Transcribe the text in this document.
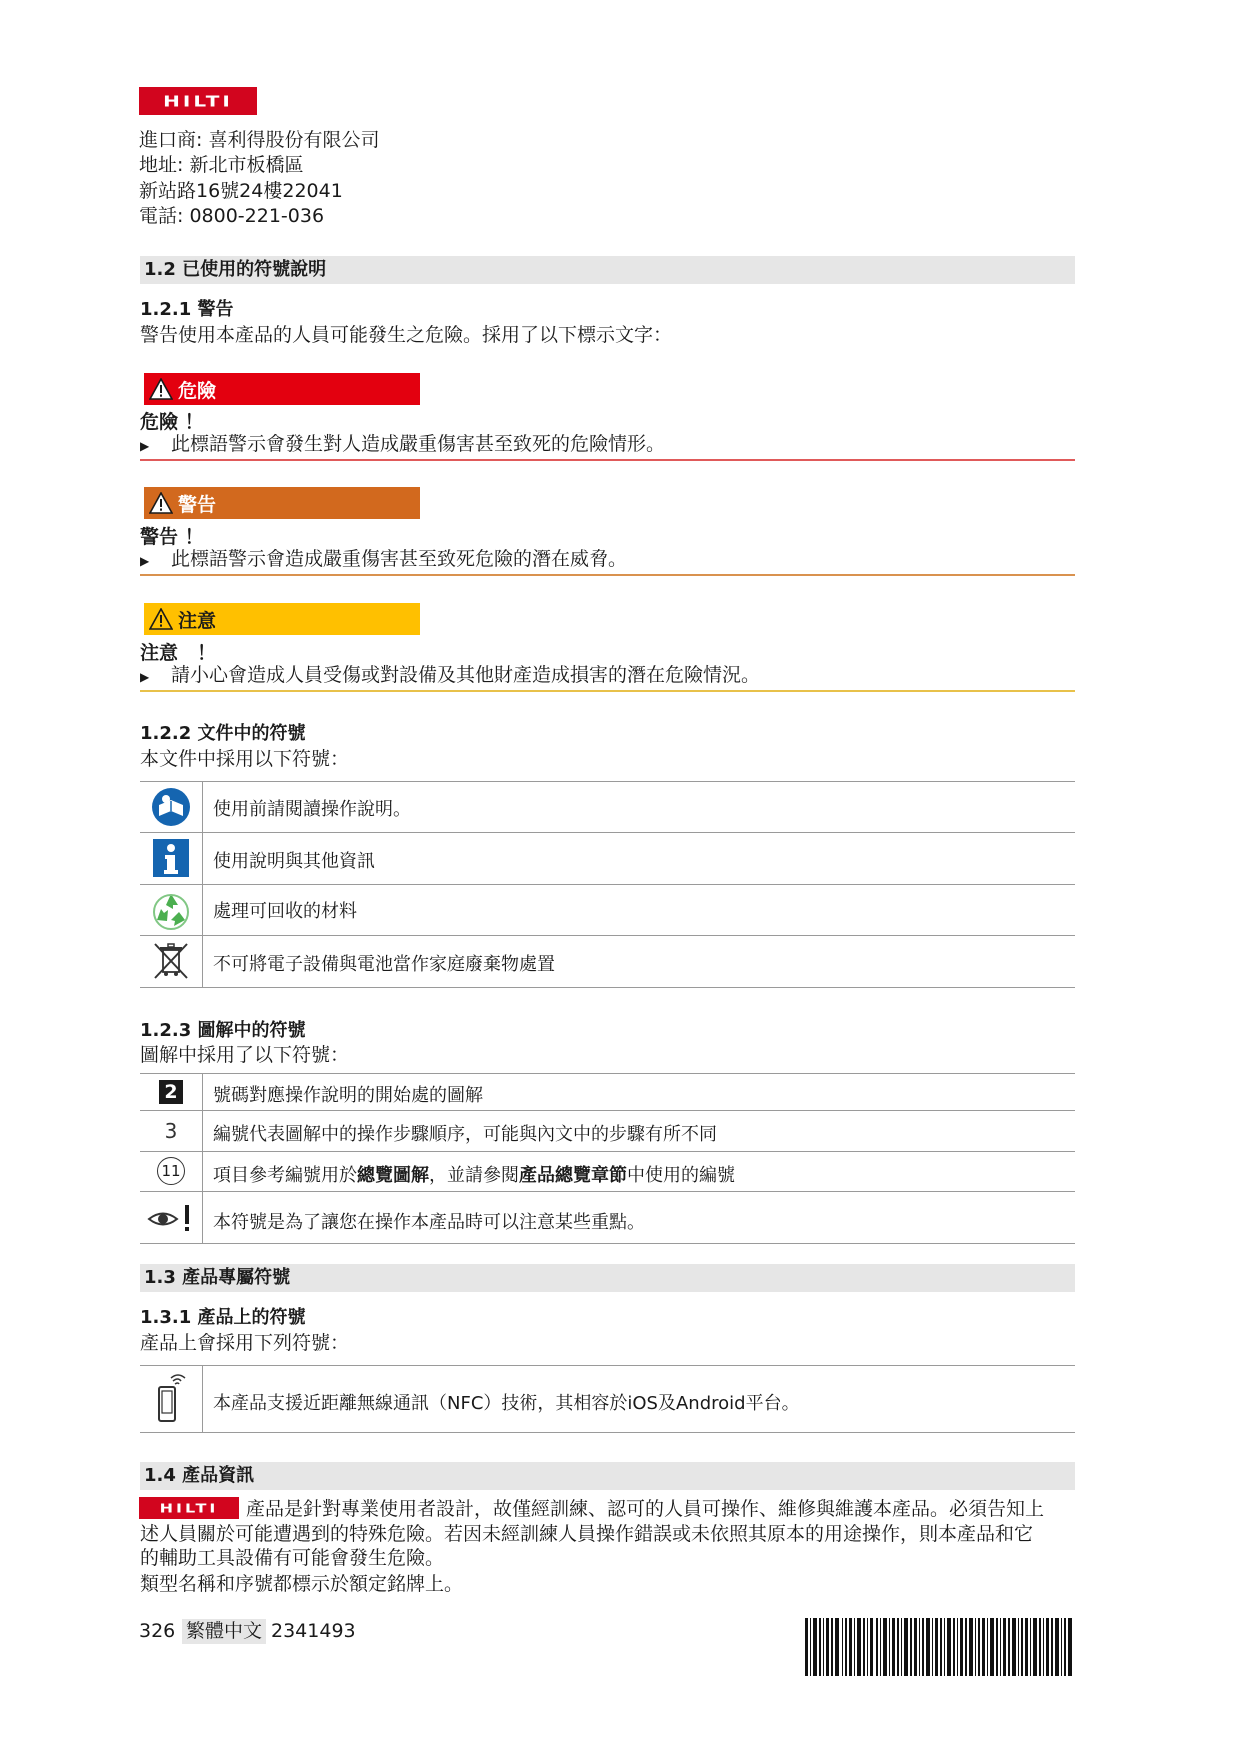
HILTI
進口商: 喜利得股份有限公司
地址: 新北市板橋區
新站路16號24樓22041
電話: 0800-221-036
1.2 已使用的符號說明
1.2.1 警告
警告使用本產品的人員可能發生之危險。採用了以下標示文字：
危險
危險 ！
▶ 此標語警示會發生對人造成嚴重傷害甚至致死的危險情形。
警告
警告 ！
▶ 此標語警示會造成嚴重傷害甚至致死危險的潛在威脅。
注意
注意　！
▶ 請小心會造成人員受傷或對設備及其他財產造成損害的潛在危險情況。
1.2.2 文件中的符號
本文件中採用以下符號：
使用前請閱讀操作說明。
使用說明與其他資訊
處理可回收的材料
不可將電子設備與電池當作家庭廢棄物處置
1.2.3 圖解中的符號
圖解中採用了以下符號：
2 號碼對應操作說明的開始處的圖解
3 編號代表圖解中的操作步驟順序，可能與內文中的步驟有所不同
11 項目參考編號用於總覽圖解，並請參閱產品總覽章節中使用的編號
本符號是為了讓您在操作本產品時可以注意某些重點。
1.3 產品專屬符號
1.3.1 產品上的符號
產品上會採用下列符號：
本產品支援近距離無線通訊（NFC）技術，其相容於iOS及Android平台。
1.4 產品資訊
HILTI 產品是針對專業使用者設計，故僅經訓練、認可的人員可操作、維修與維護本產品。必須告知上
述人員關於可能遭遇到的特殊危險。若因未經訓練人員操作錯誤或未依照其原本的用途操作，則本產品和它
的輔助工具設備有可能會發生危險。
類型名稱和序號都標示於額定銘牌上。
326 繁體中文 2341493
